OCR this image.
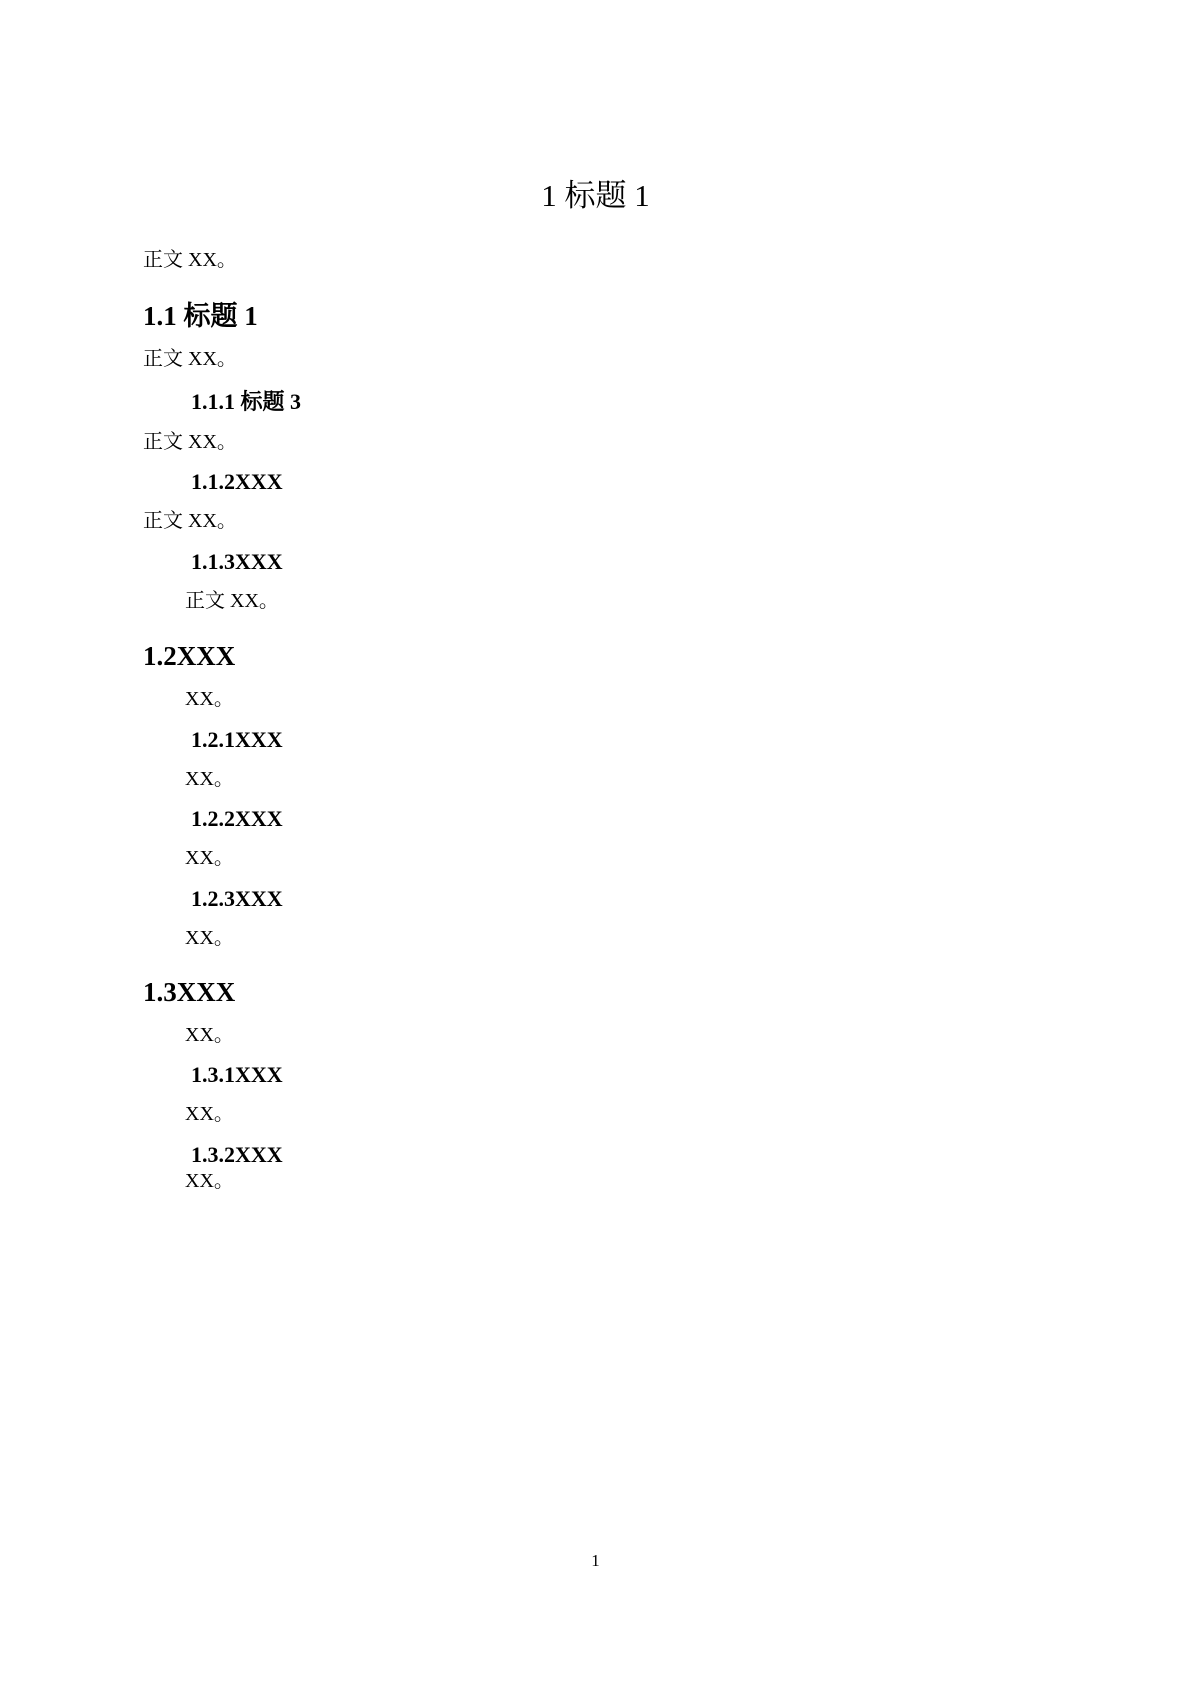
1 标题 1
正文 XX。
1.1 标题 1
正文 XX。
1.1.1 标题 3
正文 XX。
1.1.2XXX
正文 XX。
1.1.3XXX
正文 XX。
1.2XXX
XX。
1.2.1XXX
XX。
1.2.2XXX
XX。
1.2.3XXX
XX。
1.3XXX
XX。
1.3.1XXX
XX。
1.3.2XXX
XX。
1
